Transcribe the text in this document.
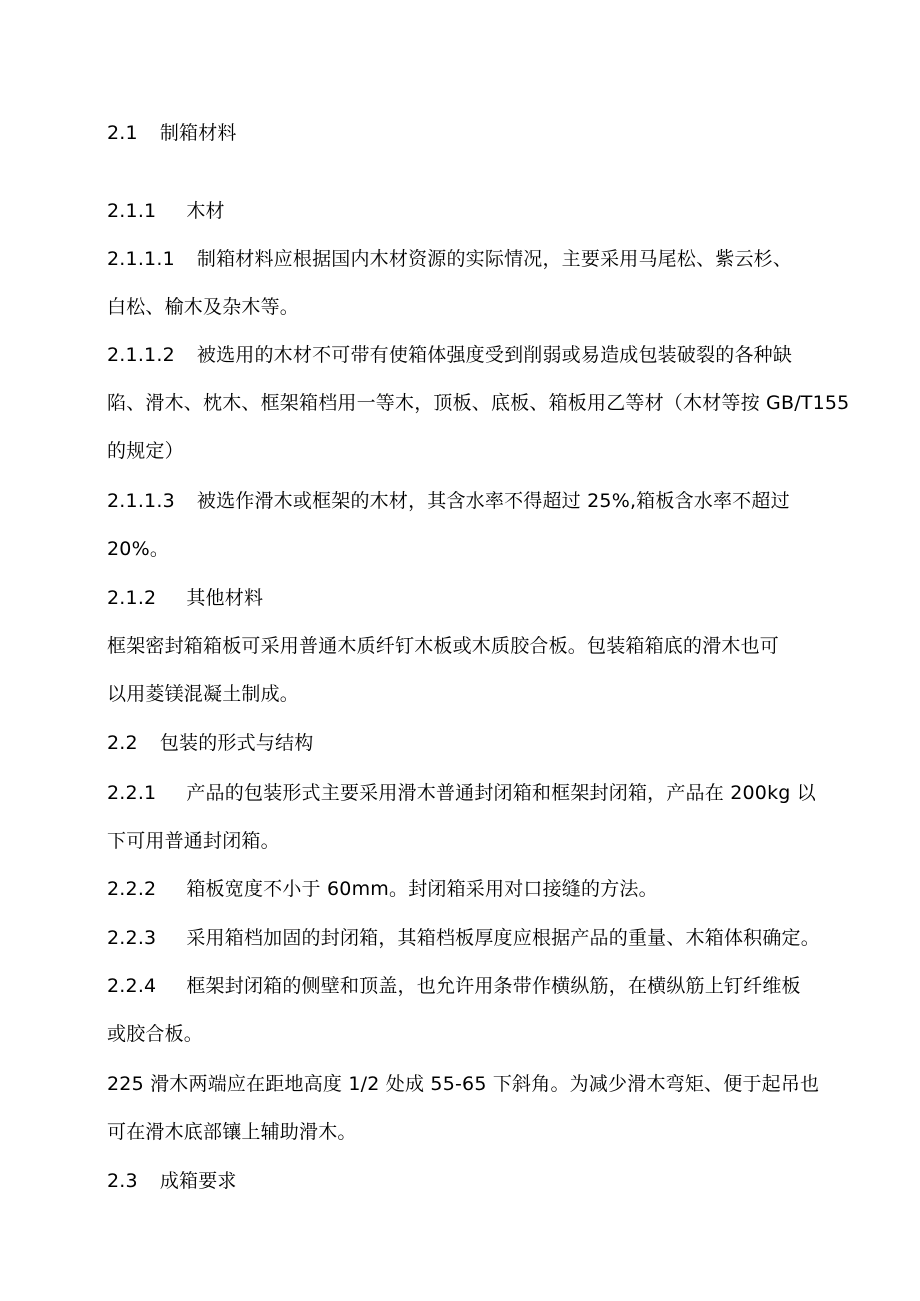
2.1 制箱材料
2.1.1 木材
2.1.1.1 制箱材料应根据国内木材资源的实际情况，主要采用马尾松、紫云杉、
白松、榆木及杂木等。
2.1.1.2 被选用的木材不可带有使箱体强度受到削弱或易造成包装破裂的各种缺
陷、滑木、枕木、框架箱档用一等木，顶板、底板、箱板用乙等材（木材等按 GB/T155
的规定）
2.1.1.3 被选作滑木或框架的木材，其含水率不得超过 25%,箱板含水率不超过
20%。
2.1.2 其他材料
框架密封箱箱板可采用普通木质纤钉木板或木质胶合板。包装箱箱底的滑木也可
以用菱镁混凝土制成。
2.2 包装的形式与结构
2.2.1 产品的包装形式主要采用滑木普通封闭箱和框架封闭箱，产品在 200kg 以
下可用普通封闭箱。
2.2.2 箱板宽度不小于 60mm。封闭箱采用对口接缝的方法。
2.2.3 采用箱档加固的封闭箱，其箱档板厚度应根据产品的重量、木箱体积确定。
2.2.4 框架封闭箱的侧壁和顶盖，也允许用条带作横纵筋，在横纵筋上钉纤维板
或胶合板。
225 滑木两端应在距地高度 1/2 处成 55-65 下斜角。为减少滑木弯矩、便于起吊也
可在滑木底部镶上辅助滑木。
2.3 成箱要求
